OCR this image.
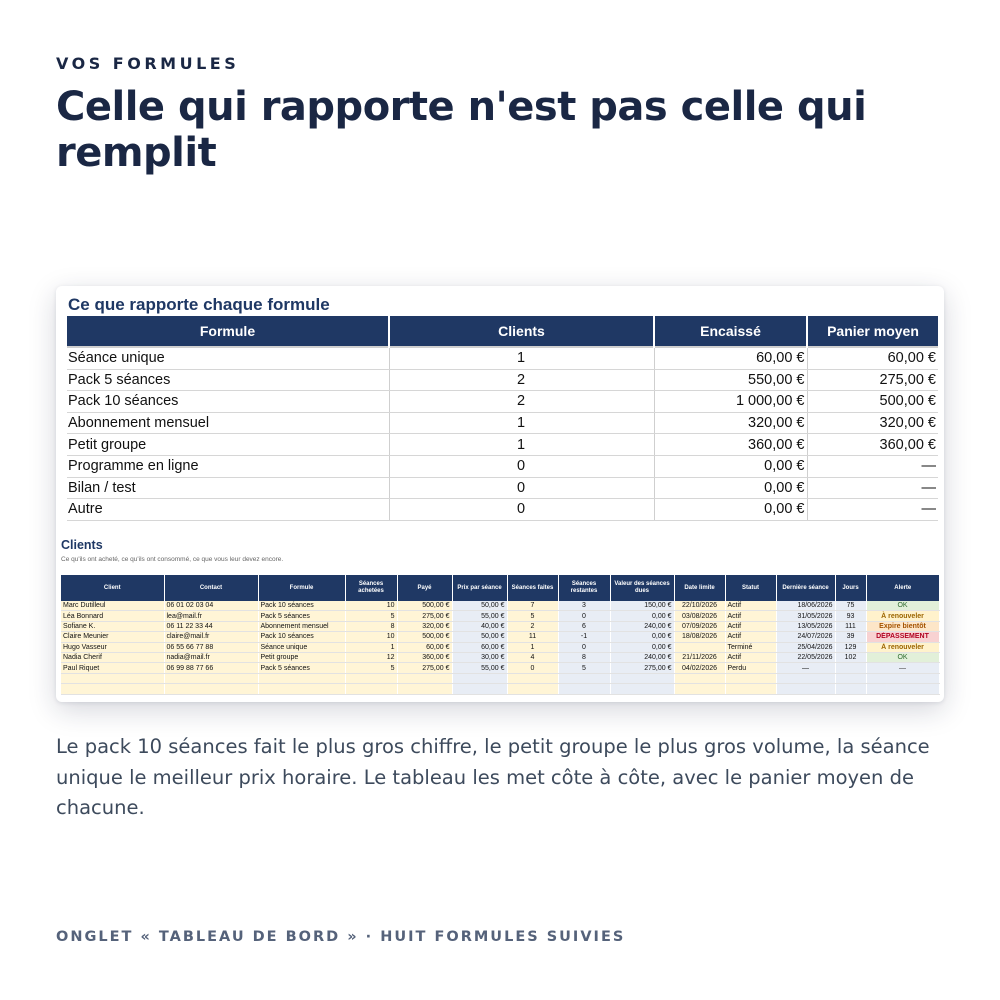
VOS FORMULES
Celle qui rapporte n'est pas celle qui remplit
Ce que rapporte chaque formule
Formule	Clients	Encaissé	Panier moyen
Séance unique	1	60,00 €	60,00 €
Pack 5 séances	2	550,00 €	275,00 €
Pack 10 séances	2	1 000,00 €	500,00 €
Abonnement mensuel	1	320,00 €	320,00 €
Petit groupe	1	360,00 €	360,00 €
Programme en ligne	0	0,00 €	—
Bilan / test	0	0,00 €	—
Autre	0	0,00 €	—
Clients
Ce qu'ils ont acheté, ce qu'ils ont consommé, ce que vous leur devez encore.
Client	Contact	Formule	Séances achetées	Payé	Prix par séance	Séances faites	Séances restantes	Valeur des séances dues	Date limite	Statut	Dernière séance	Jours	Alerte
Marc Dutilleul	06 01 02 03 04	Pack 10 séances	10	500,00 €	50,00 €	7	3	150,00 €	22/10/2026	Actif	18/06/2026	75	OK
Léa Bonnard	lea@mail.fr	Pack 5 séances	5	275,00 €	55,00 €	5	0	0,00 €	03/08/2026	Actif	31/05/2026	93	À renouveler
Sofiane K.	06 11 22 33 44	Abonnement mensuel	8	320,00 €	40,00 €	2	6	240,00 €	07/09/2026	Actif	13/05/2026	111	Expire bientôt
Claire Meunier	claire@mail.fr	Pack 10 séances	10	500,00 €	50,00 €	11	-1	0,00 €	18/08/2026	Actif	24/07/2026	39	DÉPASSEMENT
Hugo Vasseur	06 55 66 77 88	Séance unique	1	60,00 €	60,00 €	1	0	0,00 €		Terminé	25/04/2026	129	À renouveler
Nadia Cherif	nadia@mail.fr	Petit groupe	12	360,00 €	30,00 €	4	8	240,00 €	21/11/2026	Actif	22/05/2026	102	OK
Paul Riquet	06 99 88 77 66	Pack 5 séances	5	275,00 €	55,00 €	0	5	275,00 €	04/02/2026	Perdu	—		—

Le pack 10 séances fait le plus gros chiffre, le petit groupe le plus gros volume, la séance unique le meilleur prix horaire. Le tableau les met côte à côte, avec le panier moyen de chacune.

ONGLET « TABLEAU DE BORD » · HUIT FORMULES SUIVIES
